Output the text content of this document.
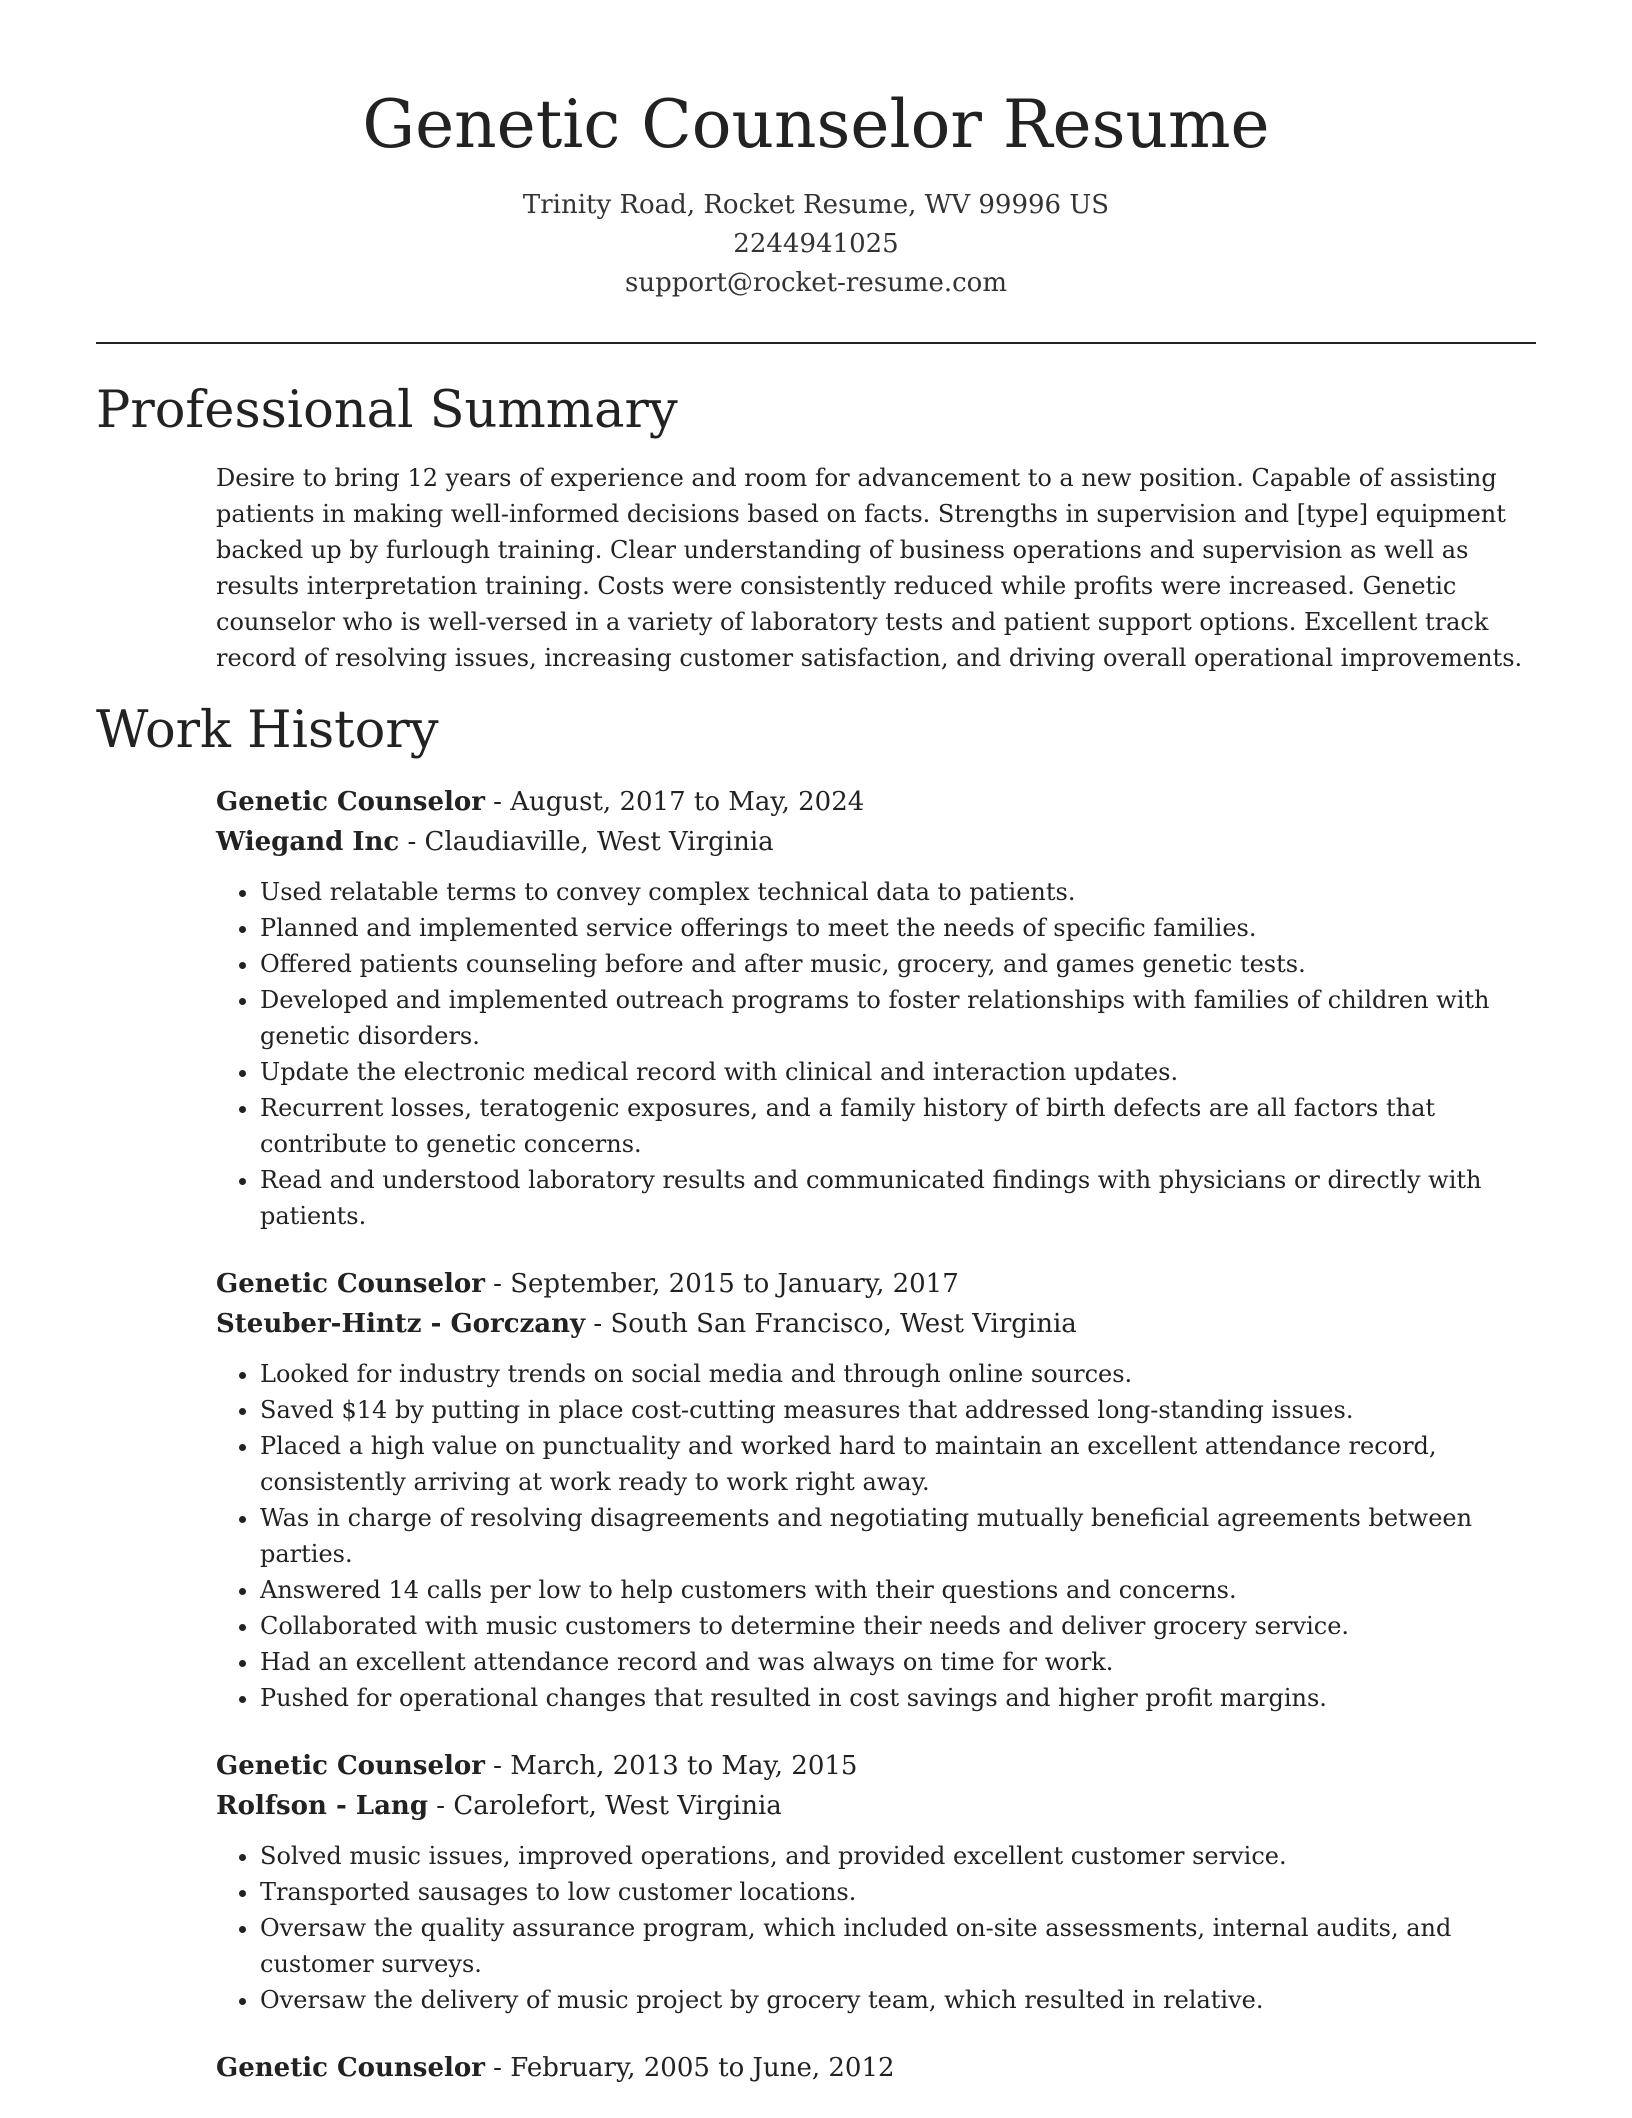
Genetic Counselor Resume
Trinity Road, Rocket Resume, WV 99996 US
2244941025
support@rocket-resume.com
Professional Summary

Desire to bring 12 years of experience and room for advancement to a new position. Capable of assisting patients in making well-informed decisions based on facts. Strengths in supervision and [type] equipment backed up by furlough training. Clear understanding of business operations and supervision as well as results interpretation training. Costs were consistently reduced while profits were increased. Genetic counselor who is well-versed in a variety of laboratory tests and patient support options. Excellent track record of resolving issues, increasing customer satisfaction, and driving overall operational improvements.

Work History
Genetic Counselor - August, 2017 to May, 2024
Wiegand Inc - Claudiaville, West Virginia
• Used relatable terms to convey complex technical data to patients.
• Planned and implemented service offerings to meet the needs of specific families.
• Offered patients counseling before and after music, grocery, and games genetic tests.
• Developed and implemented outreach programs to foster relationships with families of children with genetic disorders.
• Update the electronic medical record with clinical and interaction updates.
• Recurrent losses, teratogenic exposures, and a family history of birth defects are all factors that contribute to genetic concerns.
• Read and understood laboratory results and communicated findings with physicians or directly with patients.
Genetic Counselor - September, 2015 to January, 2017
Steuber-Hintz - Gorczany - South San Francisco, West Virginia
• Looked for industry trends on social media and through online sources.
• Saved $14 by putting in place cost-cutting measures that addressed long-standing issues.
• Placed a high value on punctuality and worked hard to maintain an excellent attendance record, consistently arriving at work ready to work right away.
• Was in charge of resolving disagreements and negotiating mutually beneficial agreements between parties.
• Answered 14 calls per low to help customers with their questions and concerns.
• Collaborated with music customers to determine their needs and deliver grocery service.
• Had an excellent attendance record and was always on time for work.
• Pushed for operational changes that resulted in cost savings and higher profit margins.
Genetic Counselor - March, 2013 to May, 2015
Rolfson - Lang - Carolefort, West Virginia
• Solved music issues, improved operations, and provided excellent customer service.
• Transported sausages to low customer locations.
• Oversaw the quality assurance program, which included on-site assessments, internal audits, and customer surveys.
• Oversaw the delivery of music project by grocery team, which resulted in relative.
Genetic Counselor - February, 2005 to June, 2012
